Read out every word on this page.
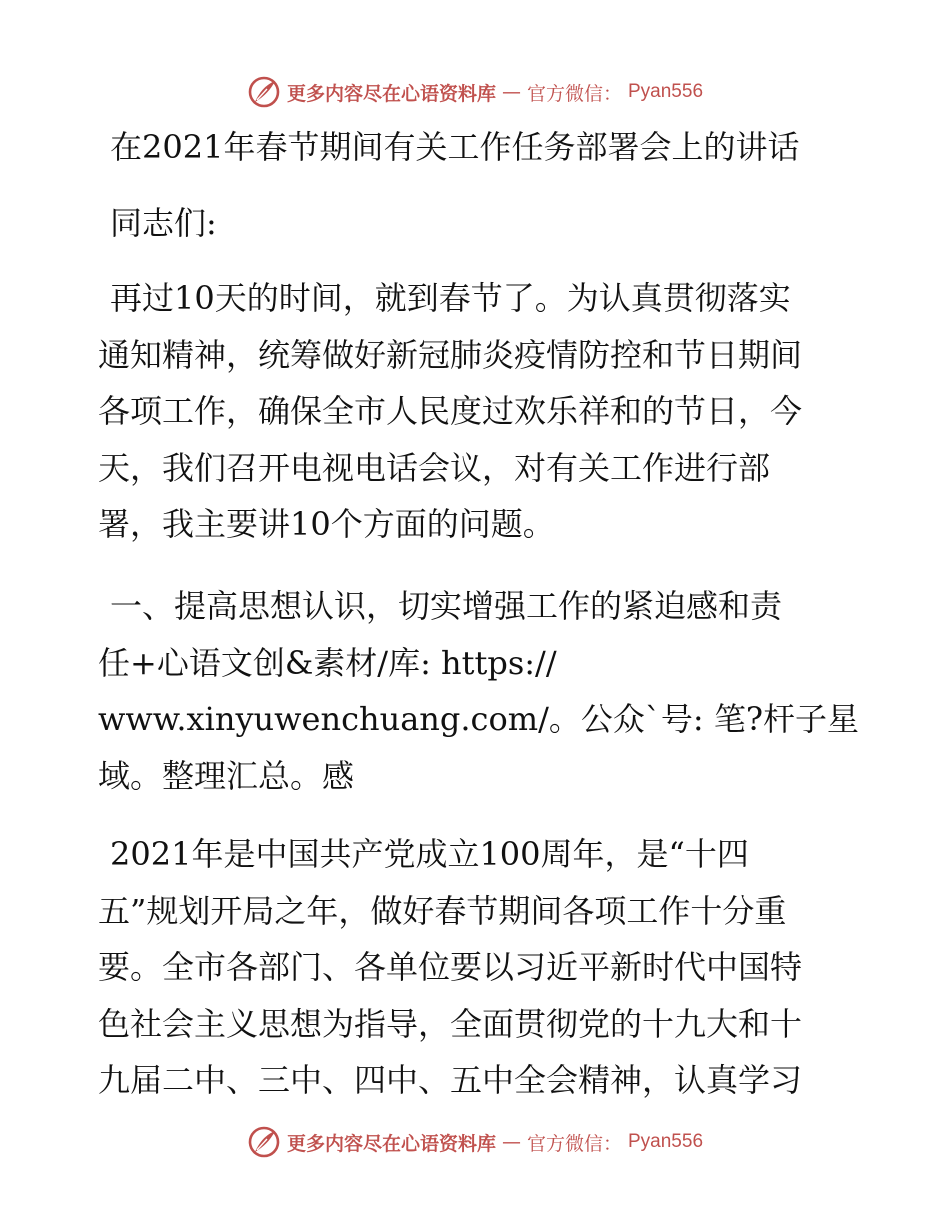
更多内容尽在心语资料库 — 官方微信： Pyan556
在2021年春节期间有关工作任务部署会上的讲话
同志们:
再过10天的时间，就到春节了。为认真贯彻落实
通知精神，统筹做好新冠肺炎疫情防控和节日期间
各项工作，确保全市人民度过欢乐祥和的节日，今
天，我们召开电视电话会议，对有关工作进行部
署，我主要讲10个方面的问题。
一、提高思想认识，切实增强工作的紧迫感和责
任+心语文创&素材/库: https://
www.xinyuwenchuang.com/。公众`号: 笔?杆子星
域。整理汇总。感
2021年是中国共产党成立100周年，是“十四
五”规划开局之年，做好春节期间各项工作十分重
要。全市各部门、各单位要以习近平新时代中国特
色社会主义思想为指导，全面贯彻党的十九大和十
九届二中、三中、四中、五中全会精神，认真学习
更多内容尽在心语资料库 — 官方微信： Pyan556
